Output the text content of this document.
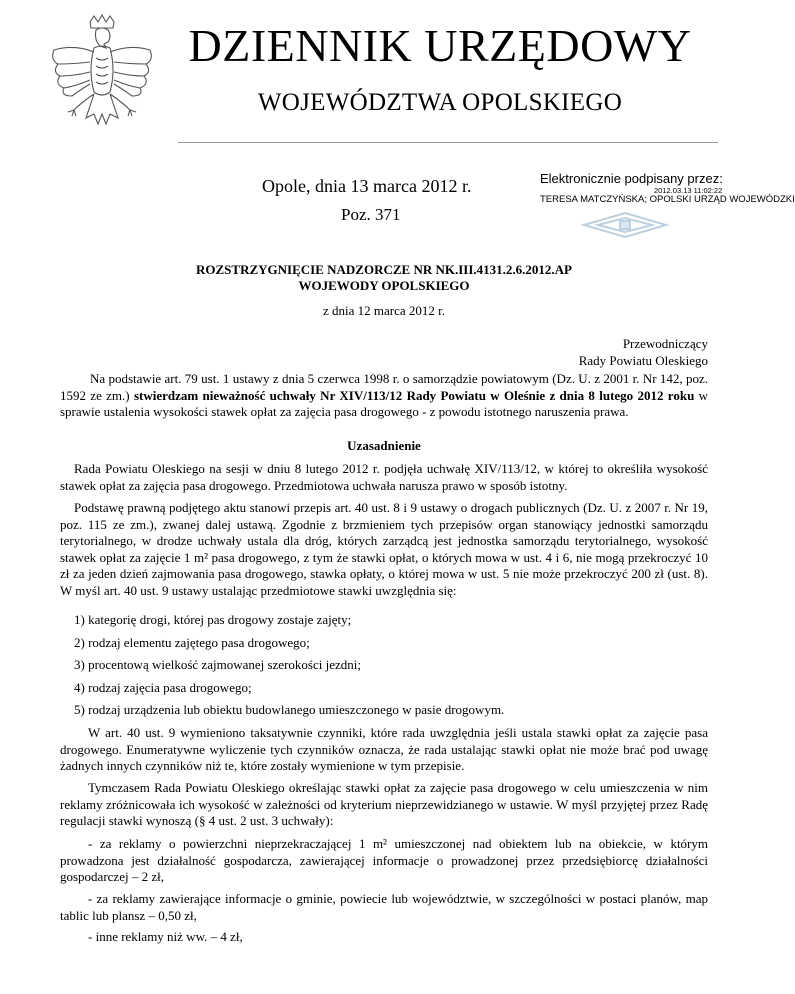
DZIENNIK URZĘDOWY
WOJEWÓDZTWA OPOLSKIEGO
Opole, dnia 13 marca 2012 r.
Poz. 371
Elektronicznie podpisany przez:
2012.03.13 11:02:22
TERESA MATCZYŃSKA; OPOLSKI URZĄD WOJEWÓDZKI
ROZSTRZYGNIĘCIE NADZORCZE NR NK.III.4131.2.6.2012.AP
WOJEWODY OPOLSKIEGO
z dnia 12 marca 2012 r.
Przewodniczący
Rady Powiatu Oleskiego
Na podstawie art. 79 ust. 1 ustawy z dnia 5 czerwca 1998 r. o samorządzie powiatowym (Dz. U. z 2001 r. Nr 142, poz. 1592 ze zm.) stwierdzam nieważność uchwały Nr XIV/113/12 Rady Powiatu w Oleśnie z dnia 8 lutego 2012 roku w sprawie ustalenia wysokości stawek opłat za zajęcia pasa drogowego - z powodu istotnego naruszenia prawa.
Uzasadnienie
Rada Powiatu Oleskiego na sesji w dniu 8 lutego 2012 r. podjęła uchwałę XIV/113/12, w której to określiła wysokość stawek opłat za zajęcia pasa drogowego. Przedmiotowa uchwała narusza prawo w sposób istotny.
Podstawę prawną podjętego aktu stanowi przepis art. 40 ust. 8 i 9 ustawy o drogach publicznych (Dz. U. z 2007 r. Nr 19, poz. 115 ze zm.), zwanej dalej ustawą. Zgodnie z brzmieniem tych przepisów organ stanowiący jednostki samorządu terytorialnego, w drodze uchwały ustala dla dróg, których zarządcą jest jednostka samorządu terytorialnego, wysokość stawek opłat za zajęcie 1 m² pasa drogowego, z tym że stawki opłat, o których mowa w ust. 4 i 6, nie mogą przekroczyć 10 zł za jeden dzień zajmowania pasa drogowego, stawka opłaty, o której mowa w ust. 5 nie może przekroczyć 200 zł (ust. 8). W myśl art. 40 ust. 9 ustawy ustalając przedmiotowe stawki uwzględnia się:
1) kategorię drogi, której pas drogowy zostaje zajęty;
2) rodzaj elementu zajętego pasa drogowego;
3) procentową wielkość zajmowanej szerokości jezdni;
4) rodzaj zajęcia pasa drogowego;
5) rodzaj urządzenia lub obiektu budowlanego umieszczonego w pasie drogowym.
W art. 40 ust. 9 wymieniono taksatywnie czynniki, które rada uwzględnia jeśli ustala stawki opłat za zajęcie pasa drogowego. Enumeratywne wyliczenie tych czynników oznacza, że rada ustalając stawki opłat nie może brać pod uwagę żadnych innych czynników niż te, które zostały wymienione w tym przepisie.
Tymczasem Rada Powiatu Oleskiego określając stawki opłat za zajęcie pasa drogowego w celu umieszczenia w nim reklamy zróżnicowała ich wysokość w zależności od kryterium nieprzewidzianego w ustawie. W myśl przyjętej przez Radę regulacji stawki wynoszą (§ 4 ust. 2 ust. 3 uchwały):
- za reklamy o powierzchni nieprzekraczającej 1 m² umieszczonej nad obiektem lub na obiekcie, w którym prowadzona jest działalność gospodarcza, zawierającej informacje o prowadzonej przez przedsiębiorcę działalności gospodarczej – 2 zł,
- za reklamy zawierające informacje o gminie, powiecie lub województwie, w szczególności w postaci planów, map tablic lub plansz – 0,50 zł,
- inne reklamy niż ww. – 4 zł,
